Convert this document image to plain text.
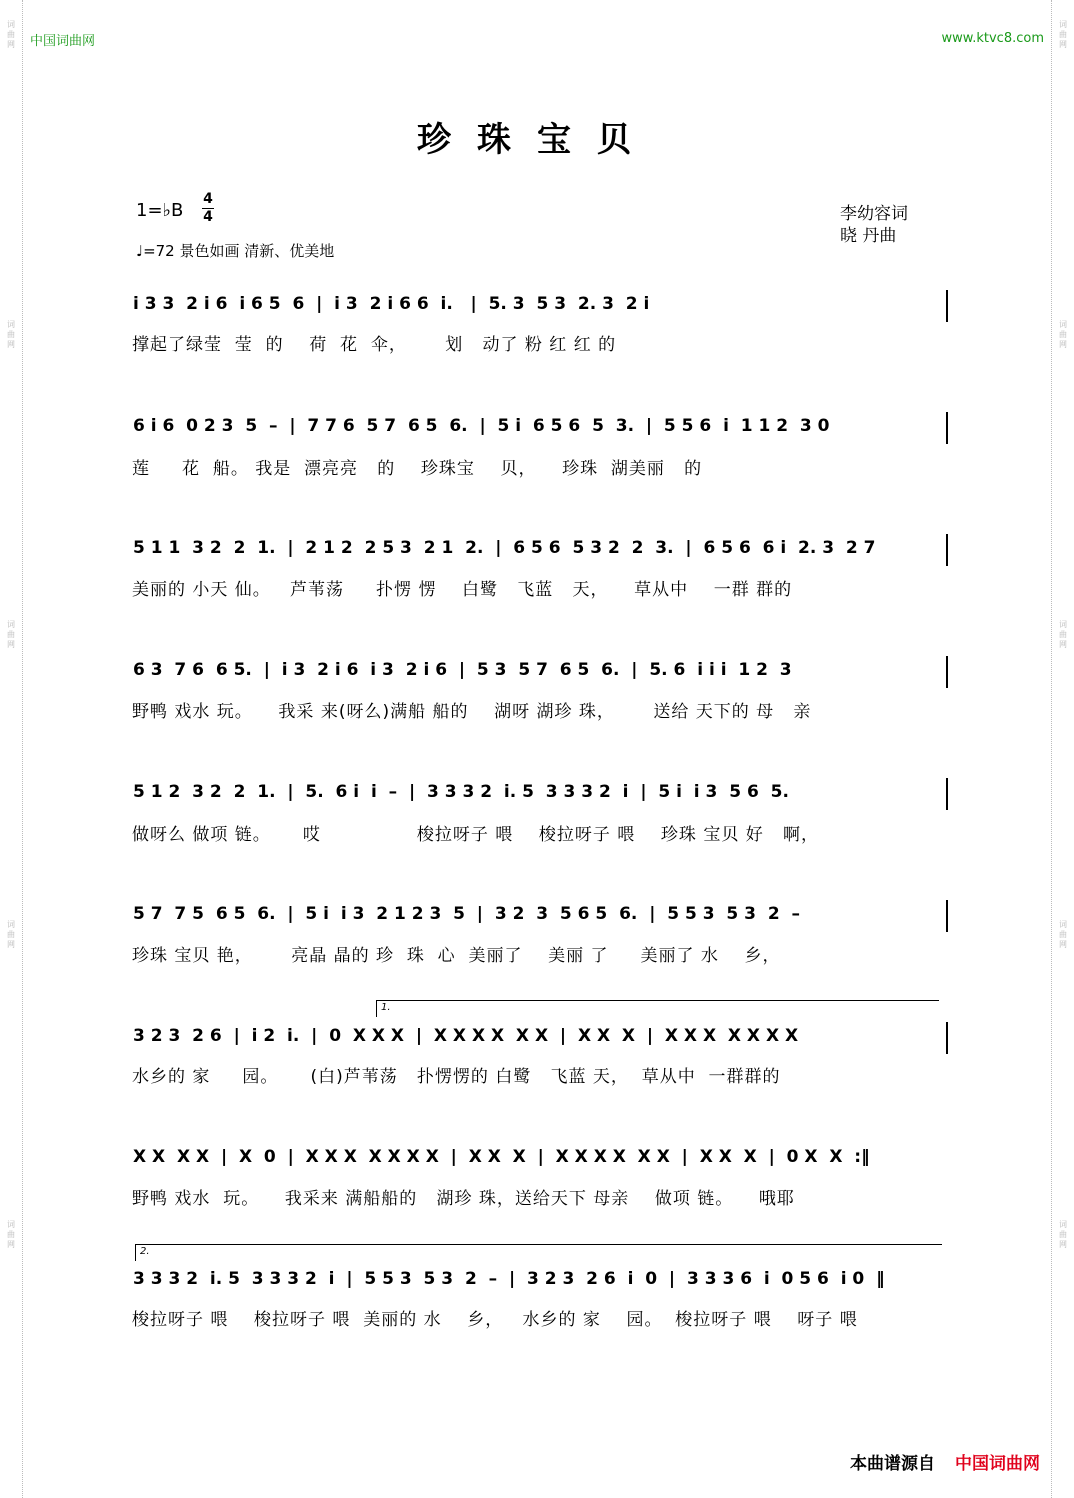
词曲网
词曲网
词曲网
词曲网
词曲网
词曲网
词曲网
词曲网
词曲网
词曲网
中国词曲网	www.ktvc8.com
珍珠宝贝
1=♭B
4
4
♩=72 景色如画 清新、优美地
李幼容词
晓 丹曲
i 3 3  2 i 6  i 6 5  6  |  i 3  2 i 6 6  i.   |  5. 3  5 3  2. 3  2 i
撑起了绿莹  莹  的    荷  花  伞，      划   动了 粉 红 红 的
6 i 6  0 2 3  5  –  |  7 7 6  5 7  6 5  6.  |  5 i  6 5 6  5  3.  |  5 5 6  i  1 1 2  3 0
莲     花  船。 我是  漂亮亮   的    珍珠宝    贝，    珍珠  湖美丽   的
5 1 1  3 2  2  1.  |  2 1 2  2 5 3  2 1  2.  |  6 5 6  5 3 2  2  3.  |  6 5 6  6 i  2. 3  2 7
美丽的 小天 仙。   芦苇荡     扑愣 愣    白鹭   飞蓝   天，    草从中    一群 群的
6 3  7 6  6 5.  |  i 3  2 i 6  i 3  2 i 6  |  5 3  5 7  6 5  6.  |  5. 6  i i i  1 2  3
野鸭 戏水 玩。    我采 来(呀么)满船 船的    湖呀 湖珍 珠，      送给 天下的 母   亲
5 1 2  3 2  2  1.  |  5.  6 i  i  –  |  3 3 3 2  i. 5  3 3 3 2  i  |  5 i  i 3  5 6  5.
做呀么 做项 链。     哎               梭拉呀子 喂    梭拉呀子 喂    珍珠 宝贝 好   啊，
5 7  7 5  6 5  6.  |  5 i  i 3  2 1 2 3  5  |  3 2  3  5 6 5  6.  |  5 5 3  5 3  2  –
珍珠 宝贝 艳，      亮晶 晶的 珍  珠  心  美丽了    美丽 了     美丽了 水    乡，
1.
3 2 3  2 6  |  i 2  i.  |  0  X X X  |  X X X X  X X  |  X X  X  |  X X X  X X X X
水乡的 家     园。     (白)芦苇荡   扑愣愣的 白鹭   飞蓝 天，  草从中  一群群的
X X  X X  |  X  0  |  X X X  X X X X  |  X X  X  |  X X X X  X X  |  X X  X  |  0 X  X  :‖
野鸭 戏水  玩。    我采来 满船船的   湖珍 珠，送给天下 母亲    做项 链。    哦耶
2.
3 3 3 2  i. 5  3 3 3 2  i  |  5 5 3  5 3  2  –  |  3 2 3  2 6  i  0  |  3 3 3 6  i  0 5 6  i 0  ‖
梭拉呀子 喂    梭拉呀子 喂  美丽的 水    乡，   水乡的 家    园。  梭拉呀子 喂    呀子 喂
本曲谱源自 中国词曲网
